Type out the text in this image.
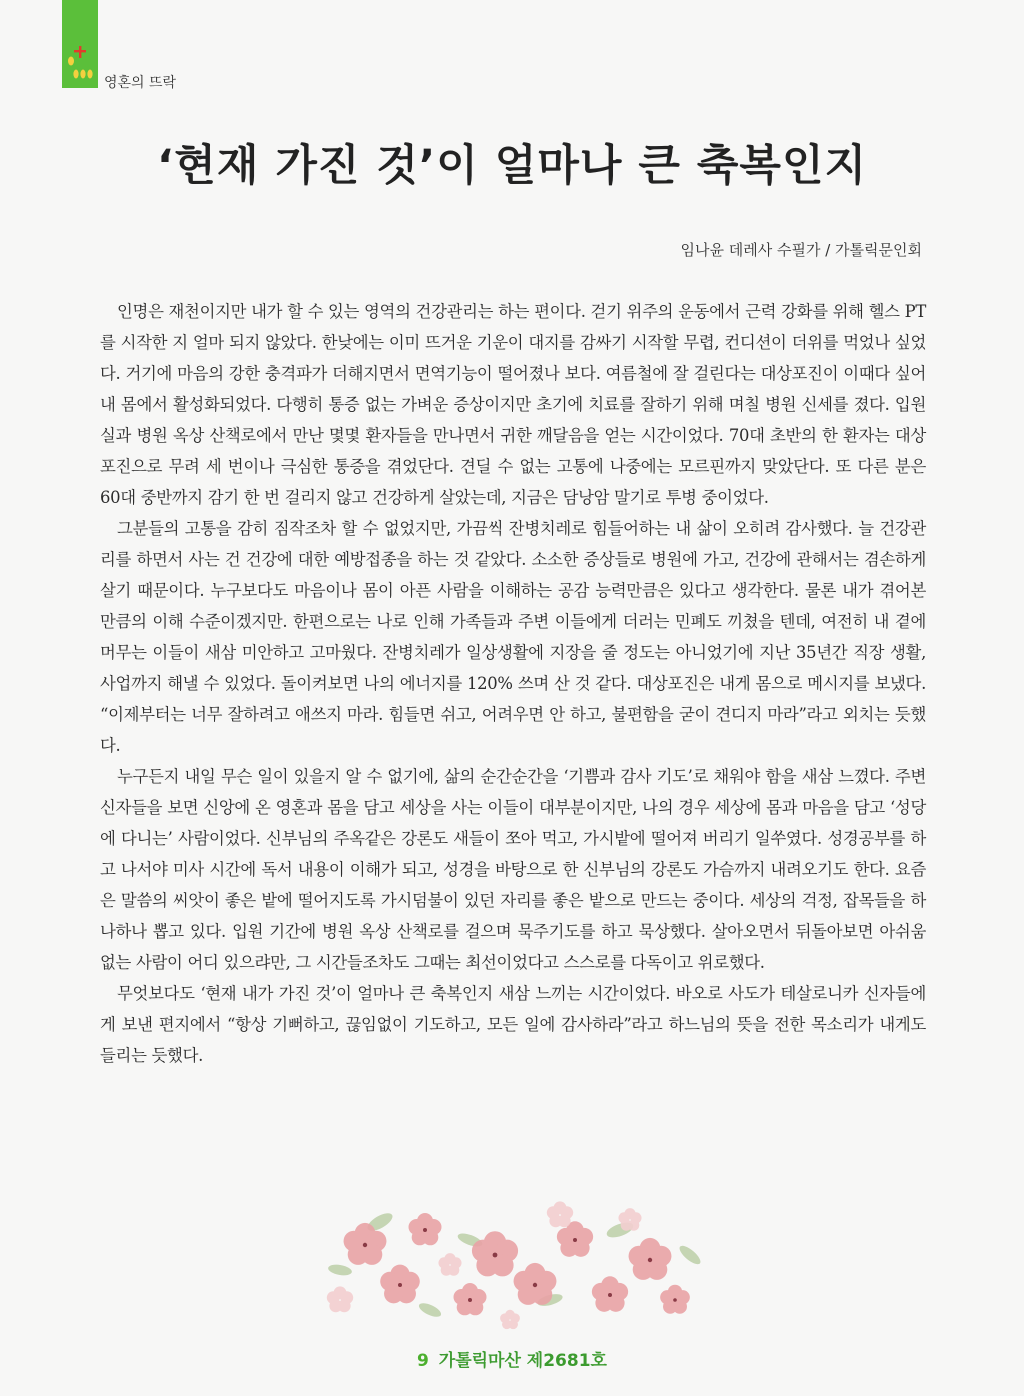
영혼의 뜨락
‘현재 가진 것’이 얼마나 큰 축복인지
임나윤 데레사 수필가 / 가톨릭문인회

인명은 재천이지만 내가 할 수 있는 영역의 건강관리는 하는 편이다. 걷기 위주의 운동에서 근력 강화를 위해 헬스 PT를 시작한 지 얼마 되지 않았다. 한낮에는 이미 뜨거운 기운이 대지를 감싸기 시작할 무렵, 컨디션이 더위를 먹었나 싶었다. 거기에 마음의 강한 충격파가 더해지면서 면역기능이 떨어졌나 보다. 여름철에 잘 걸린다는 대상포진이 이때다 싶어 내 몸에서 활성화되었다. 다행히 통증 없는 가벼운 증상이지만 초기에 치료를 잘하기 위해 며칠 병원 신세를 졌다. 입원실과 병원 옥상 산책로에서 만난 몇몇 환자들을 만나면서 귀한 깨달음을 얻는 시간이었다. 70대 초반의 한 환자는 대상포진으로 무려 세 번이나 극심한 통증을 겪었단다. 견딜 수 없는 고통에 나중에는 모르핀까지 맞았단다. 또 다른 분은 60대 중반까지 감기 한 번 걸리지 않고 건강하게 살았는데, 지금은 담낭암 말기로 투병 중이었다.

그분들의 고통을 감히 짐작조차 할 수 없었지만, 가끔씩 잔병치레로 힘들어하는 내 삶이 오히려 감사했다. 늘 건강관리를 하면서 사는 건 건강에 대한 예방접종을 하는 것 같았다. 소소한 증상들로 병원에 가고, 건강에 관해서는 겸손하게 살기 때문이다. 누구보다도 마음이나 몸이 아픈 사람을 이해하는 공감 능력만큼은 있다고 생각한다. 물론 내가 겪어본 만큼의 이해 수준이겠지만. 한편으로는 나로 인해 가족들과 주변 이들에게 더러는 민폐도 끼쳤을 텐데, 여전히 내 곁에 머무는 이들이 새삼 미안하고 고마웠다. 잔병치레가 일상생활에 지장을 줄 정도는 아니었기에 지난 35년간 직장 생활, 사업까지 해낼 수 있었다. 돌이켜보면 나의 에너지를 120% 쓰며 산 것 같다. 대상포진은 내게 몸으로 메시지를 보냈다. “이제부터는 너무 잘하려고 애쓰지 마라. 힘들면 쉬고, 어려우면 안 하고, 불편함을 굳이 견디지 마라”라고 외치는 듯했다.

누구든지 내일 무슨 일이 있을지 알 수 없기에, 삶의 순간순간을 ‘기쁨과 감사 기도’로 채워야 함을 새삼 느꼈다. 주변 신자들을 보면 신앙에 온 영혼과 몸을 담고 세상을 사는 이들이 대부분이지만, 나의 경우 세상에 몸과 마음을 담고 ‘성당에 다니는’ 사람이었다. 신부님의 주옥같은 강론도 새들이 쪼아 먹고, 가시밭에 떨어져 버리기 일쑤였다. 성경공부를 하고 나서야 미사 시간에 독서 내용이 이해가 되고, 성경을 바탕으로 한 신부님의 강론도 가슴까지 내려오기도 한다. 요즘은 말씀의 씨앗이 좋은 밭에 떨어지도록 가시덤불이 있던 자리를 좋은 밭으로 만드는 중이다. 세상의 걱정, 잡목들을 하나하나 뽑고 있다. 입원 기간에 병원 옥상 산책로를 걸으며 묵주기도를 하고 묵상했다. 살아오면서 뒤돌아보면 아쉬움 없는 사람이 어디 있으랴만, 그 시간들조차도 그때는 최선이었다고 스스로를 다독이고 위로했다.

무엇보다도 ‘현재 내가 가진 것’이 얼마나 큰 축복인지 새삼 느끼는 시간이었다. 바오로 사도가 테살로니카 신자들에게 보낸 편지에서 “항상 기뻐하고, 끊임없이 기도하고, 모든 일에 감사하라”라고 하느님의 뜻을 전한 목소리가 내게도 들리는 듯했다.

9 가톨릭마산 제2681호
